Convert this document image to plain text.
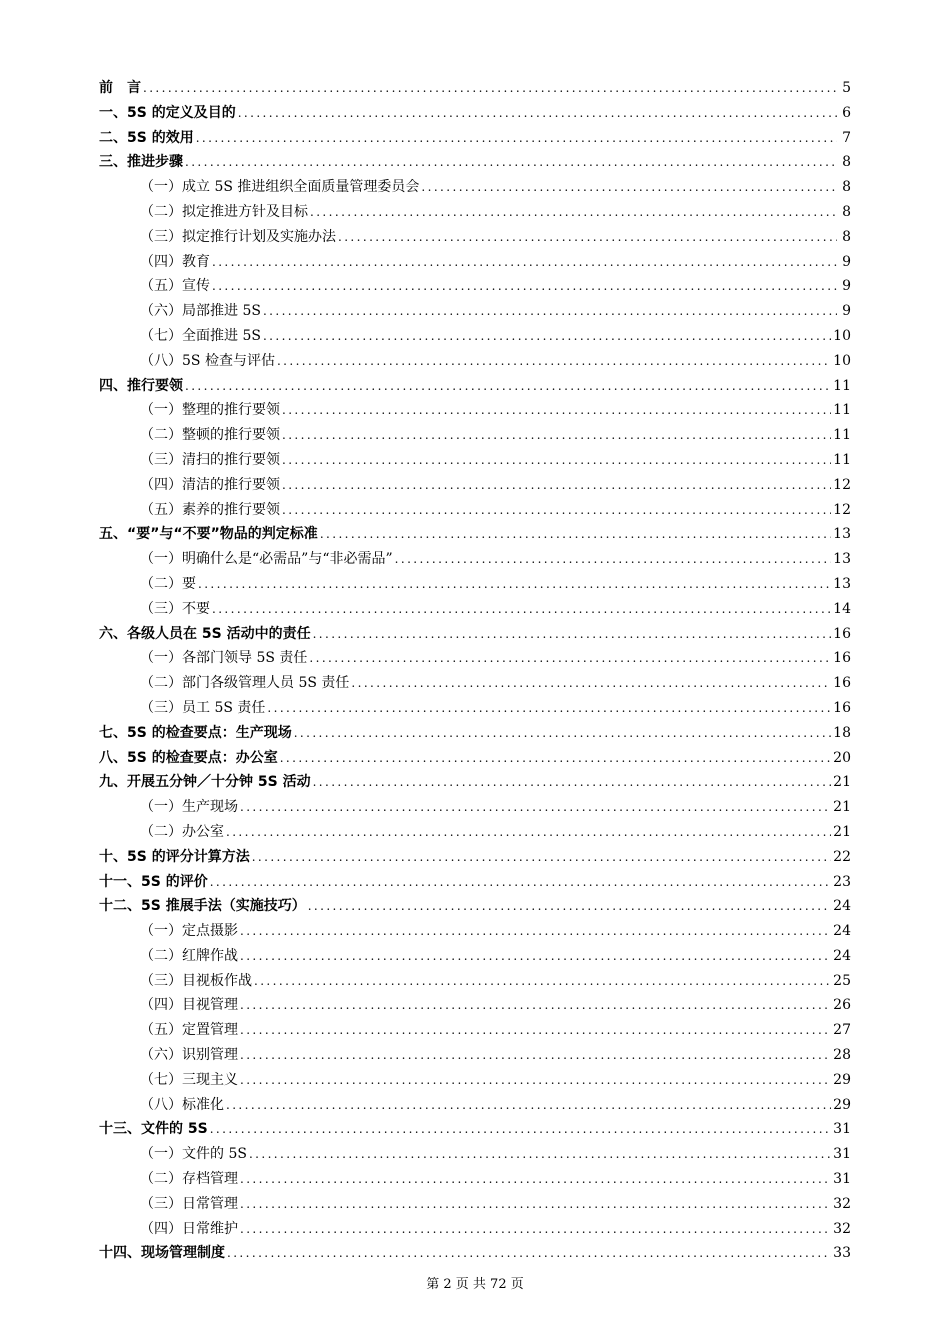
前　言 .....	5
一、5S 的定义及目的 .....	6
二、5S 的效用 .....	7
三、推进步骤 .....	8
（一）成立 5S 推进组织全面质量管理委员会 .....	8
（二）拟定推进方针及目标 .....	8
（三）拟定推行计划及实施办法 .....	8
（四）教育 .....	9
（五）宣传 .....	9
（六）局部推进 5S .....	9
（七）全面推进 5S .....	10
（八）5S 检查与评估 .....	10
四、推行要领 .....	11
（一）整理的推行要领 .....	11
（二）整顿的推行要领 .....	11
（三）清扫的推行要领 .....	11
（四）清洁的推行要领 .....	12
（五）素养的推行要领 .....	12
五、“要”与“不要”物品的判定标准 .....	13
（一）明确什么是“必需品”与“非必需品” .....	13
（二）要 .....	13
（三）不要 .....	14
六、各级人员在 5S 活动中的责任 .....	16
（一）各部门领导 5S 责任 .....	16
（二）部门各级管理人员 5S 责任 .....	16
（三）员工 5S 责任 .....	16
七、5S 的检查要点：生产现场 .....	18
八、5S 的检查要点：办公室 .....	20
九、开展五分钟／十分钟 5S 活动 .....	21
（一）生产现场 .....	21
（二）办公室 .....	21
十、5S 的评分计算方法 .....	22
十一、5S 的评价 .....	23
十二、5S 推展手法（实施技巧） .....	24
（一）定点摄影 .....	24
（二）红牌作战 .....	24
（三）目视板作战 .....	25
（四）目视管理 .....	26
（五）定置管理 .....	27
（六）识别管理 .....	28
（七）三现主义 .....	29
（八）标准化 .....	29
十三、文件的 5S .....	31
（一）文件的 5S .....	31
（二）存档管理 .....	31
（三）日常管理 .....	32
（四）日常维护 .....	32
十四、现场管理制度 .....	33
第 2 页 共 72 页
